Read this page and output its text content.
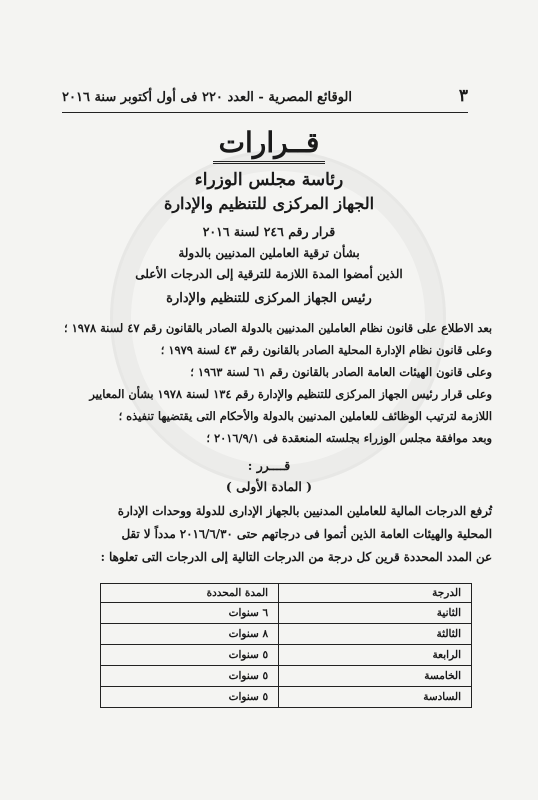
٣
الوقائع المصرية - العدد ٢٢٠ فى أول أكتوبر سنة ٢٠١٦
قــرارات
رئاسة مجلس الوزراء
الجهاز المركزى للتنظيم والإدارة
قرار رقم ٢٤٦ لسنة ٢٠١٦
بشأن ترقية العاملين المدنيين بالدولة
الذين أمضوا المدة اللازمة للترقية إلى الدرجات الأعلى
رئيس الجهاز المركزى للتنظيم والإدارة
بعد الاطلاع على قانون نظام العاملين المدنيين بالدولة الصادر بالقانون رقم ٤٧ لسنة ١٩٧٨ ؛
وعلى قانون نظام الإدارة المحلية الصادر بالقانون رقم ٤٣ لسنة ١٩٧٩ ؛
وعلى قانون الهيئات العامة الصادر بالقانون رقم ٦١ لسنة ١٩٦٣ ؛
وعلى قرار رئيس الجهاز المركزى للتنظيم والإدارة رقم ١٣٤ لسنة ١٩٧٨ بشأن المعايير
اللازمة لترتيب الوظائف للعاملين المدنيين بالدولة والأحكام التى يقتضيها تنفيذه ؛
وبعد موافقة مجلس الوزراء بجلسته المنعقدة فى ٢٠١٦/٩/١ ؛
قــــرر :
( المادة الأولى )
تُرفع الدرجات المالية للعاملين المدنيين بالجهاز الإدارى للدولة ووحدات الإدارة
المحلية والهيئات العامة الذين أتموا فى درجاتهم حتى ٢٠١٦/٦/٣٠ مدداً لا تقل
عن المدد المحددة قرين كل درجة من الدرجات التالية إلى الدرجات التى تعلوها :
الدرجة	المدة المحددة
الثانية	٦ سنوات
الثالثة	٨ سنوات
الرابعة	٥ سنوات
الخامسة	٥ سنوات
السادسة	٥ سنوات
